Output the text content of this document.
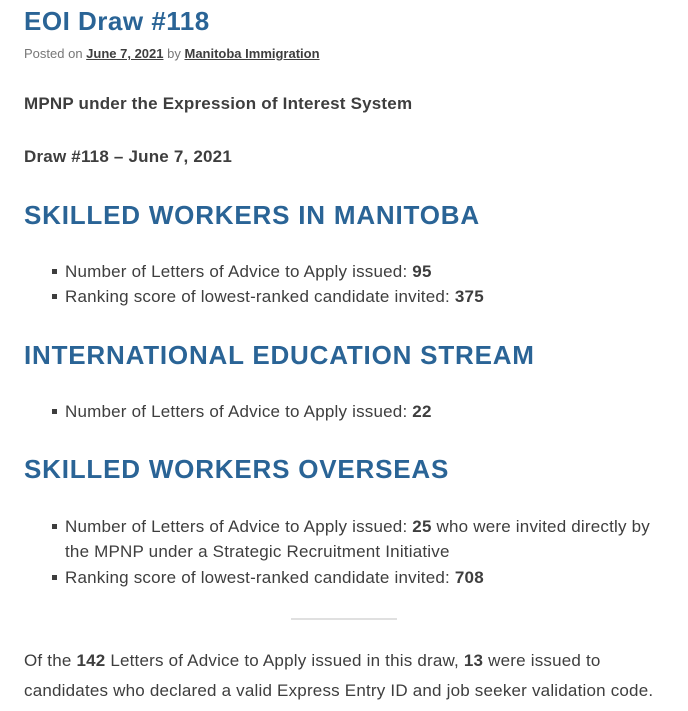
EOI Draw #118

Posted on June 7, 2021 by Manitoba Immigration

MPNP under the Expression of Interest System

Draw #118 – June 7, 2021

SKILLED WORKERS IN MANITOBA
Number of Letters of Advice to Apply issued: 95
Ranking score of lowest-ranked candidate invited: 375
INTERNATIONAL EDUCATION STREAM
Number of Letters of Advice to Apply issued: 22
SKILLED WORKERS OVERSEAS
Number of Letters of Advice to Apply issued: 25 who were invited directly by the MPNP under a Strategic Recruitment Initiative
Ranking score of lowest-ranked candidate invited: 708

Of the 142 Letters of Advice to Apply issued in this draw, 13 were issued to candidates who declared a valid Express Entry ID and job seeker validation code.
